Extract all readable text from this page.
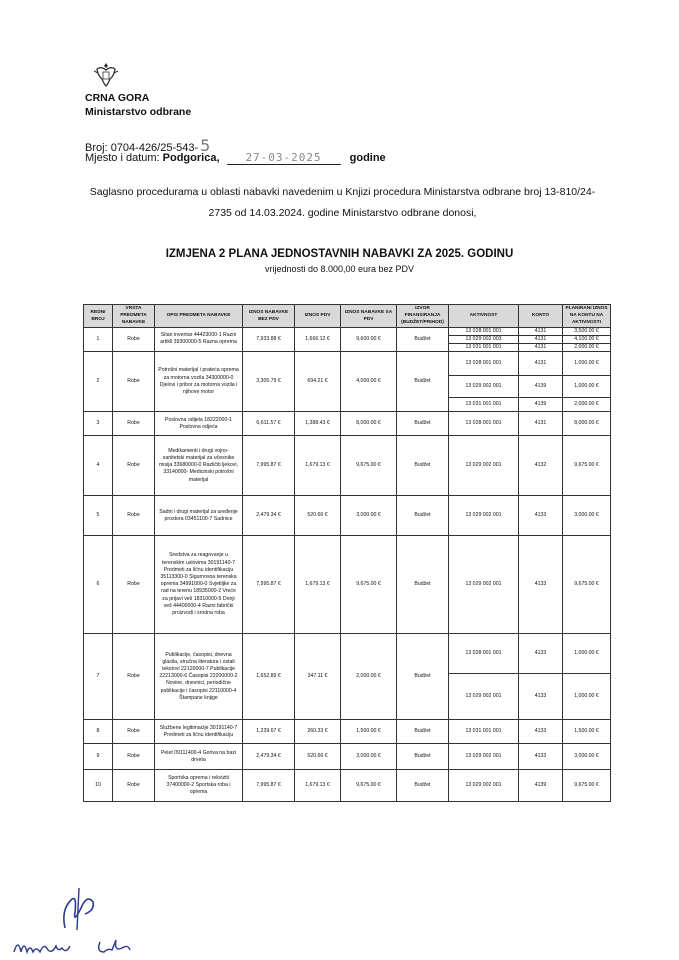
CRNA GORA
Ministarstvo odbrane
Broj: 0704-426/25-543- 5
Mjesto i datum: Podgorica, 27-03-2025	godine
Saglasno procedurama u oblasti nabavki navedenim u Knjizi procedura Ministarstva odbrane broj 13-810/24-2735 od 14.03.2024. godine Ministarstvo odbrane donosi,
IZMJENA 2 PLANA JEDNOSTAVNIH NABAVKI ZA 2025. GODINU
vrijednosti do 8.000,00 eura bez PDV
REDNI BROJ	VRSTA PREDMETA NABAVKE	OPIS PREDMETA NABAVKE	IZNOS NABAVKE BEZ PDV	IZNOS PDV	IZNOS NABAVKE SA PDV	IZVOR FINANSIRANJA (BUDŽET/PRIHOD)	AKTIVNOST	KONTO	PLANIRANI IZNOS NA KONTU NA AKTIVNOSTI
1	Robe	Sitan inventar 44423000-1 Razni artikli 39300000-5 Razna oprema	7,933.88 €	1,666.12 €	9,600.00 €	Budžet	13 028 001 001	4131	3,500.00 €
							13 029 002 003	4131	4,100.00 €
							13 031 001 001	4131	2,000.00 €
2	Robe	Potrošni materijal i prateća oprema za motorna vozila 34300000-0 Djelovi i pribor za motorna vozila i njihove motor	3,305.79 €	694.21 €	4,000.00 €	Budžet	13 028 001 001	4131	1,000.00 €
							13 029 002 001	4139	1,000.00 €
							13 031 001 001	4139	2,000.00 €
3	Robe	Poslovna odijela 18222000-1 Poslovna odjeća	6,611.57 €	1,388.43 €	8,000.00 €	Budžet	13 028 001 001	4131	8,000.00 €
4	Robe	Medikamenti i drugi vojno-sanitetski materijal za učesnike misija 33680000-0 Različiti ljekovi, 33140000- Medicinski potrošni materijal	7,995.87 €	1,679.13 €	9,675.00 €	Budžet	13 029 002 001	4132	9,675.00 €
5	Robe	Sadni i drugi materijal za uređenje prostora 03451100-7 Sadnice	2,479.34 €	520.66 €	3,000.00 €	Budžet	13 029 002 001	4133	3,000.00 €
6	Robe	Sredstva za reagovanje u terenskim uslovima 30191140-7 Predmeti za ličnu identifikaciju 35113300-0 Sigurnosna terenska oprema 34991000-0 Svjetiljke za rad na terenu 18935000-2 Vreće za prijavi veš 18310000-5 Donji veš 44400000-4 Razni fabrički proizvodi i srodna roba	7,995.87 €	1,679.13 €	9,675.00 €	Budžet	13 029 002 001	4133	9,675.00 €
7	Robe	Publikacije, časopisi, dnevna glasila, stručna literatura i ostali tekstovi 22120000-7 Publikacije 22213000-6 Časopisi 22200000-2 Novine, dnevnici, periodične publikacije i časopisi 22110000-4 Štampane knjige	1,652.89 €	347.11 €	2,000.00 €	Budžet	13 028 001 001	4133	1,000.00 €
							13 029 002 001	4133	1,000.00 €
8	Robe	Službene legitimacije 30191140-7 Predmeti za ličnu identifikaciju	1,239.67 €	260.33 €	1,500.00 €	Budžet	13 031 001 001	4133	1,500.00 €
9	Robe	Pelet 09111400-4 Goriva na bazi drveta	2,479.34 €	520.66 €	3,000.00 €	Budžet	13 029 002 001	4133	3,000.00 €
10	Robe	Sportska oprema i rekviziti 37400000-2 Sportska roba i oprema	7,995.87 €	1,679.13 €	9,675.00 €	Budžet	13 029 002 001	4139	9,675.00 €
